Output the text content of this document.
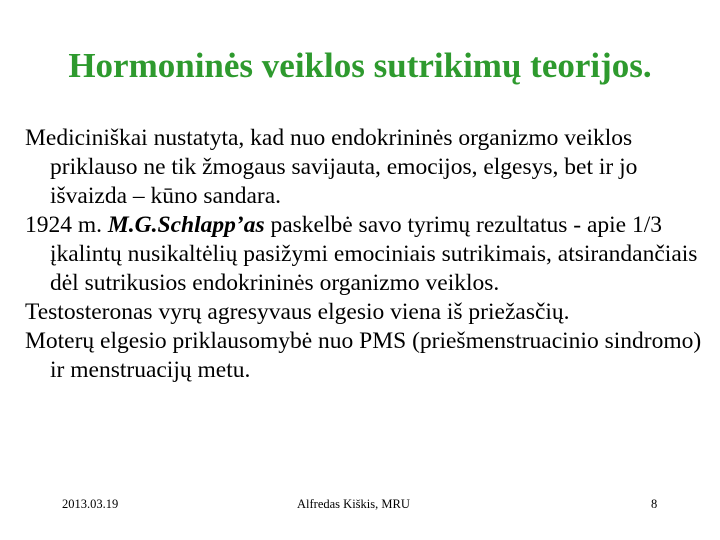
Hormoninės veiklos sutrikimų teorijos.

Mediciniškai nustatyta, kad nuo endokrininės organizmo veiklos priklauso ne tik žmogaus savijauta, emocijos, elgesys, bet ir jo išvaizda – kūno sandara.

1924 m. M.G.Schlapp’as paskelbė savo tyrimų rezultatus - apie 1/3 įkalintų nusikaltėlių pasižymi emociniais sutrikimais, atsirandančiais dėl sutrikusios endokrininės organizmo veiklos.

Testosteronas vyrų agresyvaus elgesio viena iš priežasčių.

Moterų elgesio priklausomybė nuo PMS (priešmenstruacinio sindromo) ir menstruacijų metu.

2013.03.19	Alfredas Kiškis, MRU	8
